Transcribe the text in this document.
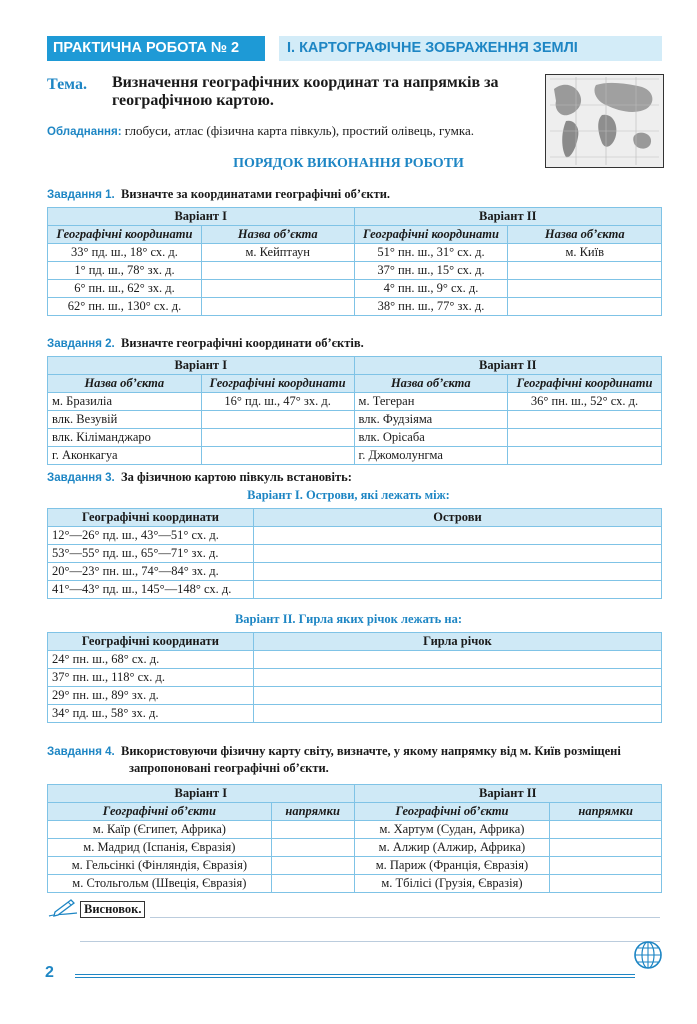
ПРАКТИЧНА РОБОТА № 2	І. КАРТОГРАФІЧНЕ ЗОБРАЖЕННЯ ЗЕМЛІ
Тема. Визначення географічних координат та напрямків за географічною картою.
Обладнання: глобуси, атлас (фізична карта півкуль), простий олівець, гумка.
ПОРЯДОК ВИКОНАННЯ РОБОТИ
Завдання 1. Визначте за координатами географічні об’єкти.
Варіант І		Варіант ІІ	
Географічні координати	Назва об’єкта	Географічні координати	Назва об’єкта
33° пд. ш., 18° сх. д.	м. Кейптаун	51° пн. ш., 31° сх. д.	м. Київ
1° пд. ш., 78° зх. д.		37° пн. ш., 15° сх. д.	
6° пн. ш., 62° зх. д.		4° пн. ш., 9° сх. д.	
62° пн. ш., 130° сх. д.		38° пн. ш., 77° зх. д.	
Завдання 2. Визначте географічні координати об’єктів.
Варіант І		Варіант ІІ	
Назва об’єкта	Географічні координати	Назва об’єкта	Географічні координати
м. Бразиліа	16° пд. ш., 47° зх. д.	м. Тегеран	36° пн. ш., 52° сх. д.
влк. Везувій		влк. Фудзіяма	
влк. Кіліманджаро		влк. Орісаба	
г. Аконкагуа		г. Джомолунгма	
Завдання 3. За фізичною картою півкуль встановіть:
Варіант І. Острови, які лежать між:
Географічні координати	Острови
12°—26° пд. ш., 43°—51° сх. д.	
53°—55° пд. ш., 65°—71° зх. д.	
20°—23° пн. ш., 74°—84° зх. д.	
41°—43° пд. ш., 145°—148° сх. д.	
Варіант ІІ. Гирла яких річок лежать на:
Географічні координати	Гирла річок
24° пн. ш., 68° сх. д.	
37° пн. ш., 118° сх. д.	
29° пн. ш., 89° зх. д.	
34° пд. ш., 58° зх. д.	
Завдання 4. Використовуючи фізичну карту світу, визначте, у якому напрямку від м. Київ розміщені
запропоновані географічні об’єкти.
Варіант І		Варіант ІІ	
Географічні об’єкти	напрямки	Географічні об’єкти	напрямки
м. Каїр (Єгипет, Африка)		м. Хартум (Судан, Африка)	
м. Мадрид (Іспанія, Євразія)		м. Алжир (Алжир, Африка)	
м. Гельсінкі (Фінляндія, Євразія)		м. Париж (Франція, Євразія)	
м. Стольгольм (Швеція, Євразія)		м. Тбілісі (Грузія, Євразія)	
Висновок.
2
